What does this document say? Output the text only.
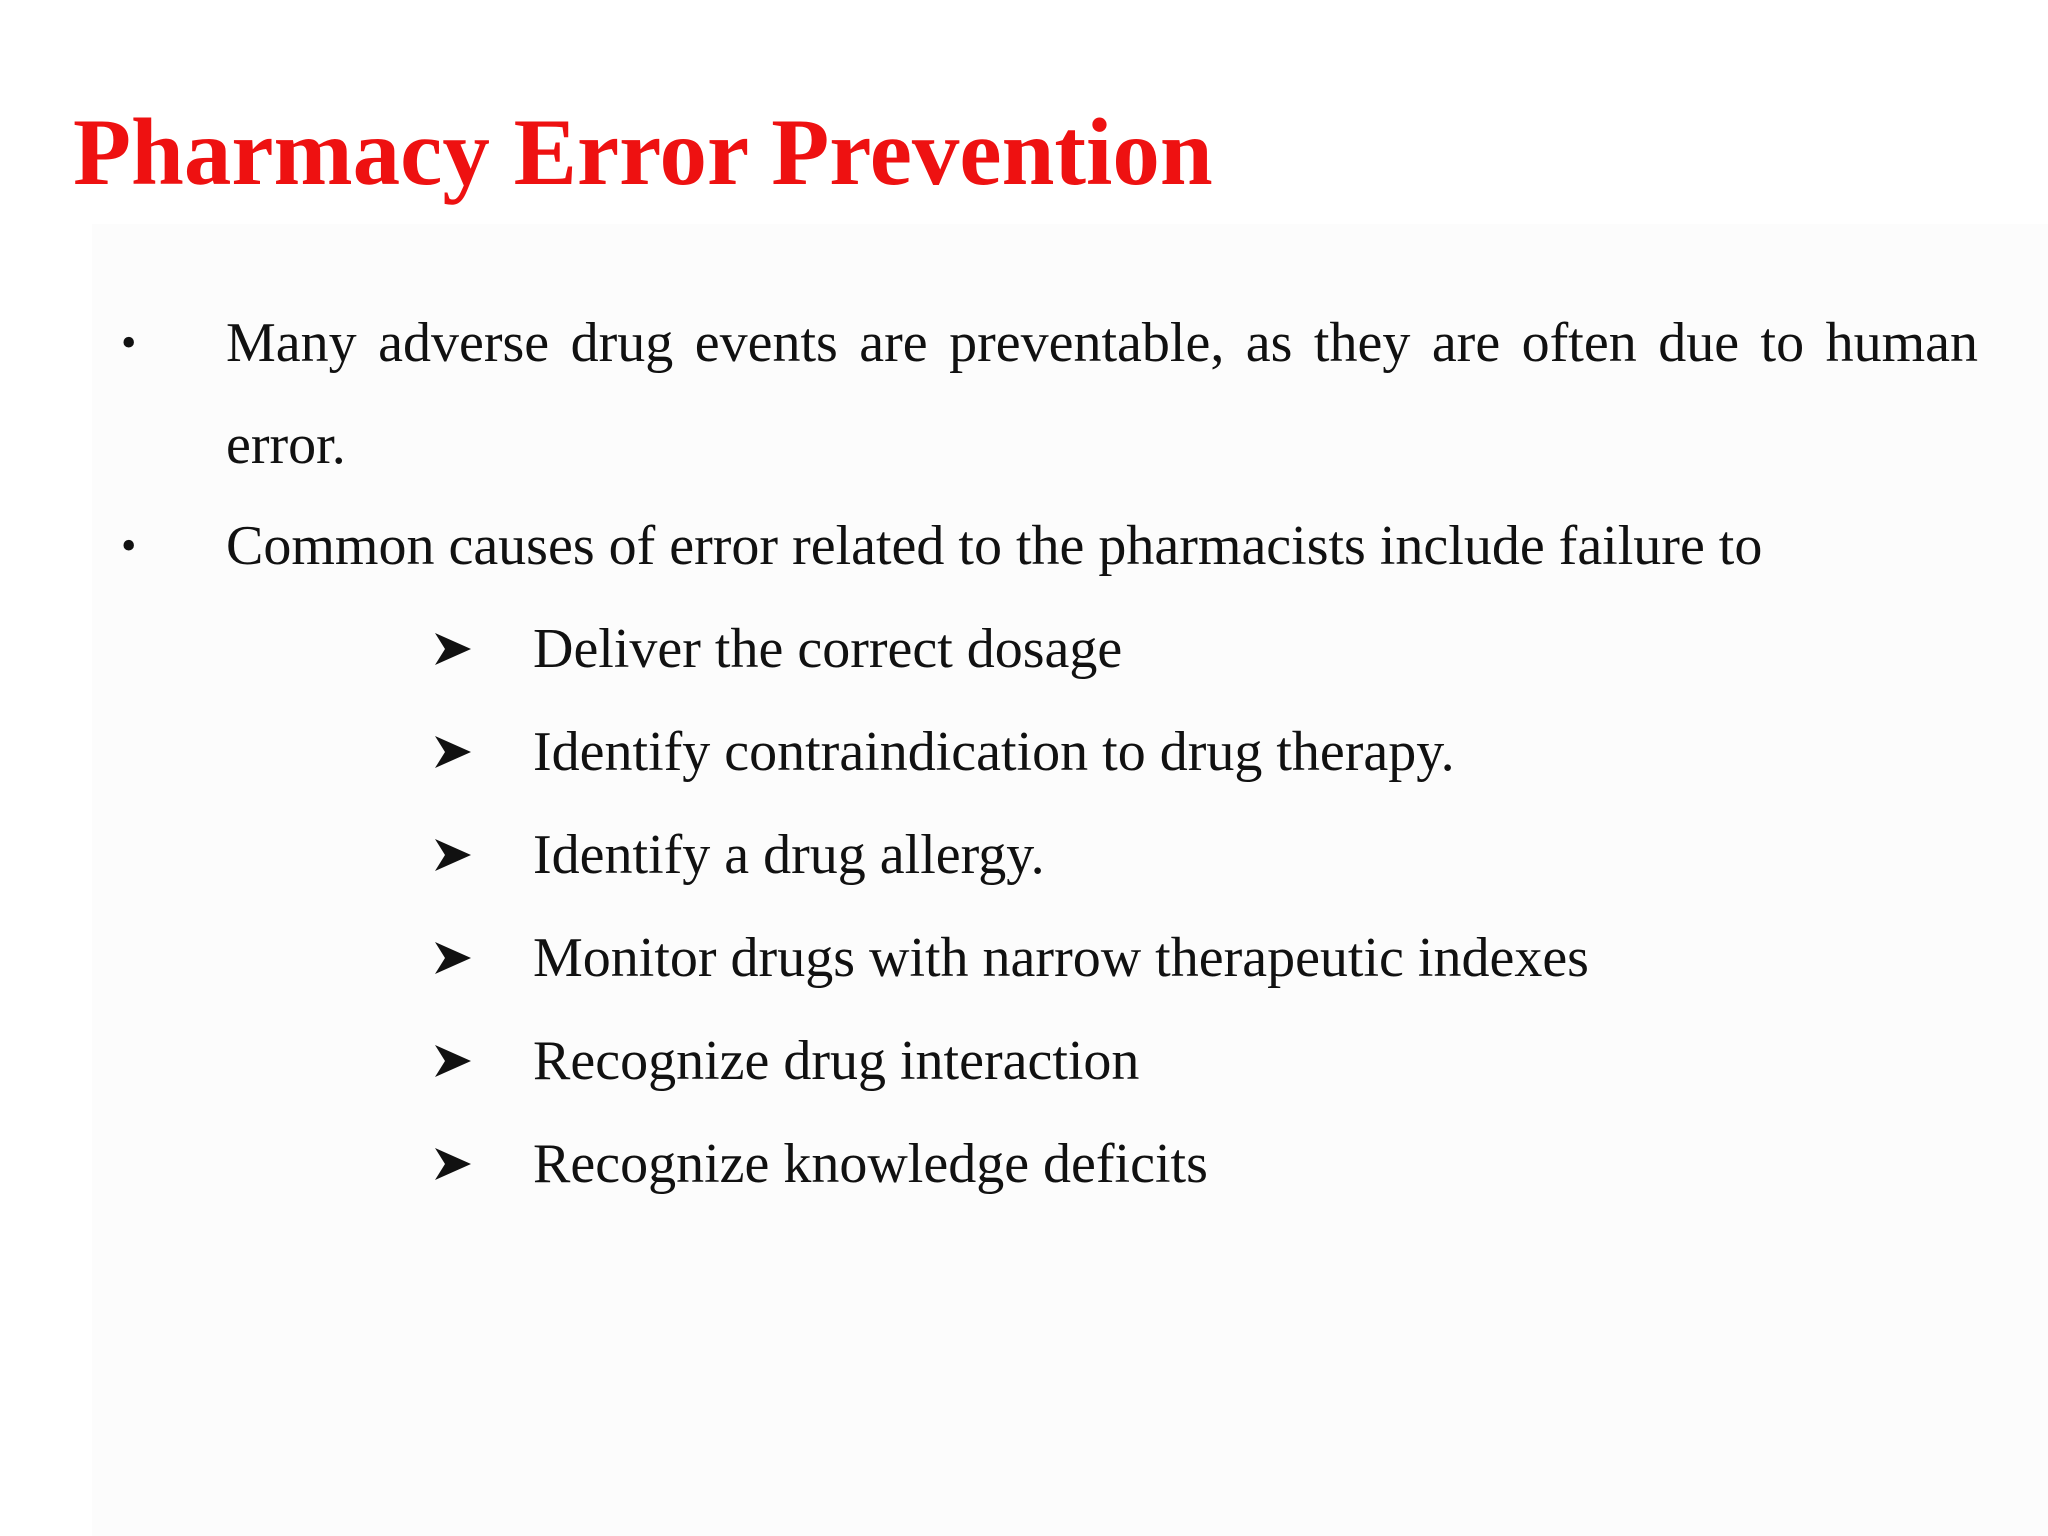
Pharmacy Error Prevention
• Many adverse drug events are preventable, as they are often due to human error.
• Common causes of error related to the pharmacists include failure to
Deliver the correct dosage
Identify contraindication to drug therapy.
Identify a drug allergy.
Monitor drugs with narrow therapeutic indexes
Recognize drug interaction
Recognize knowledge deficits
